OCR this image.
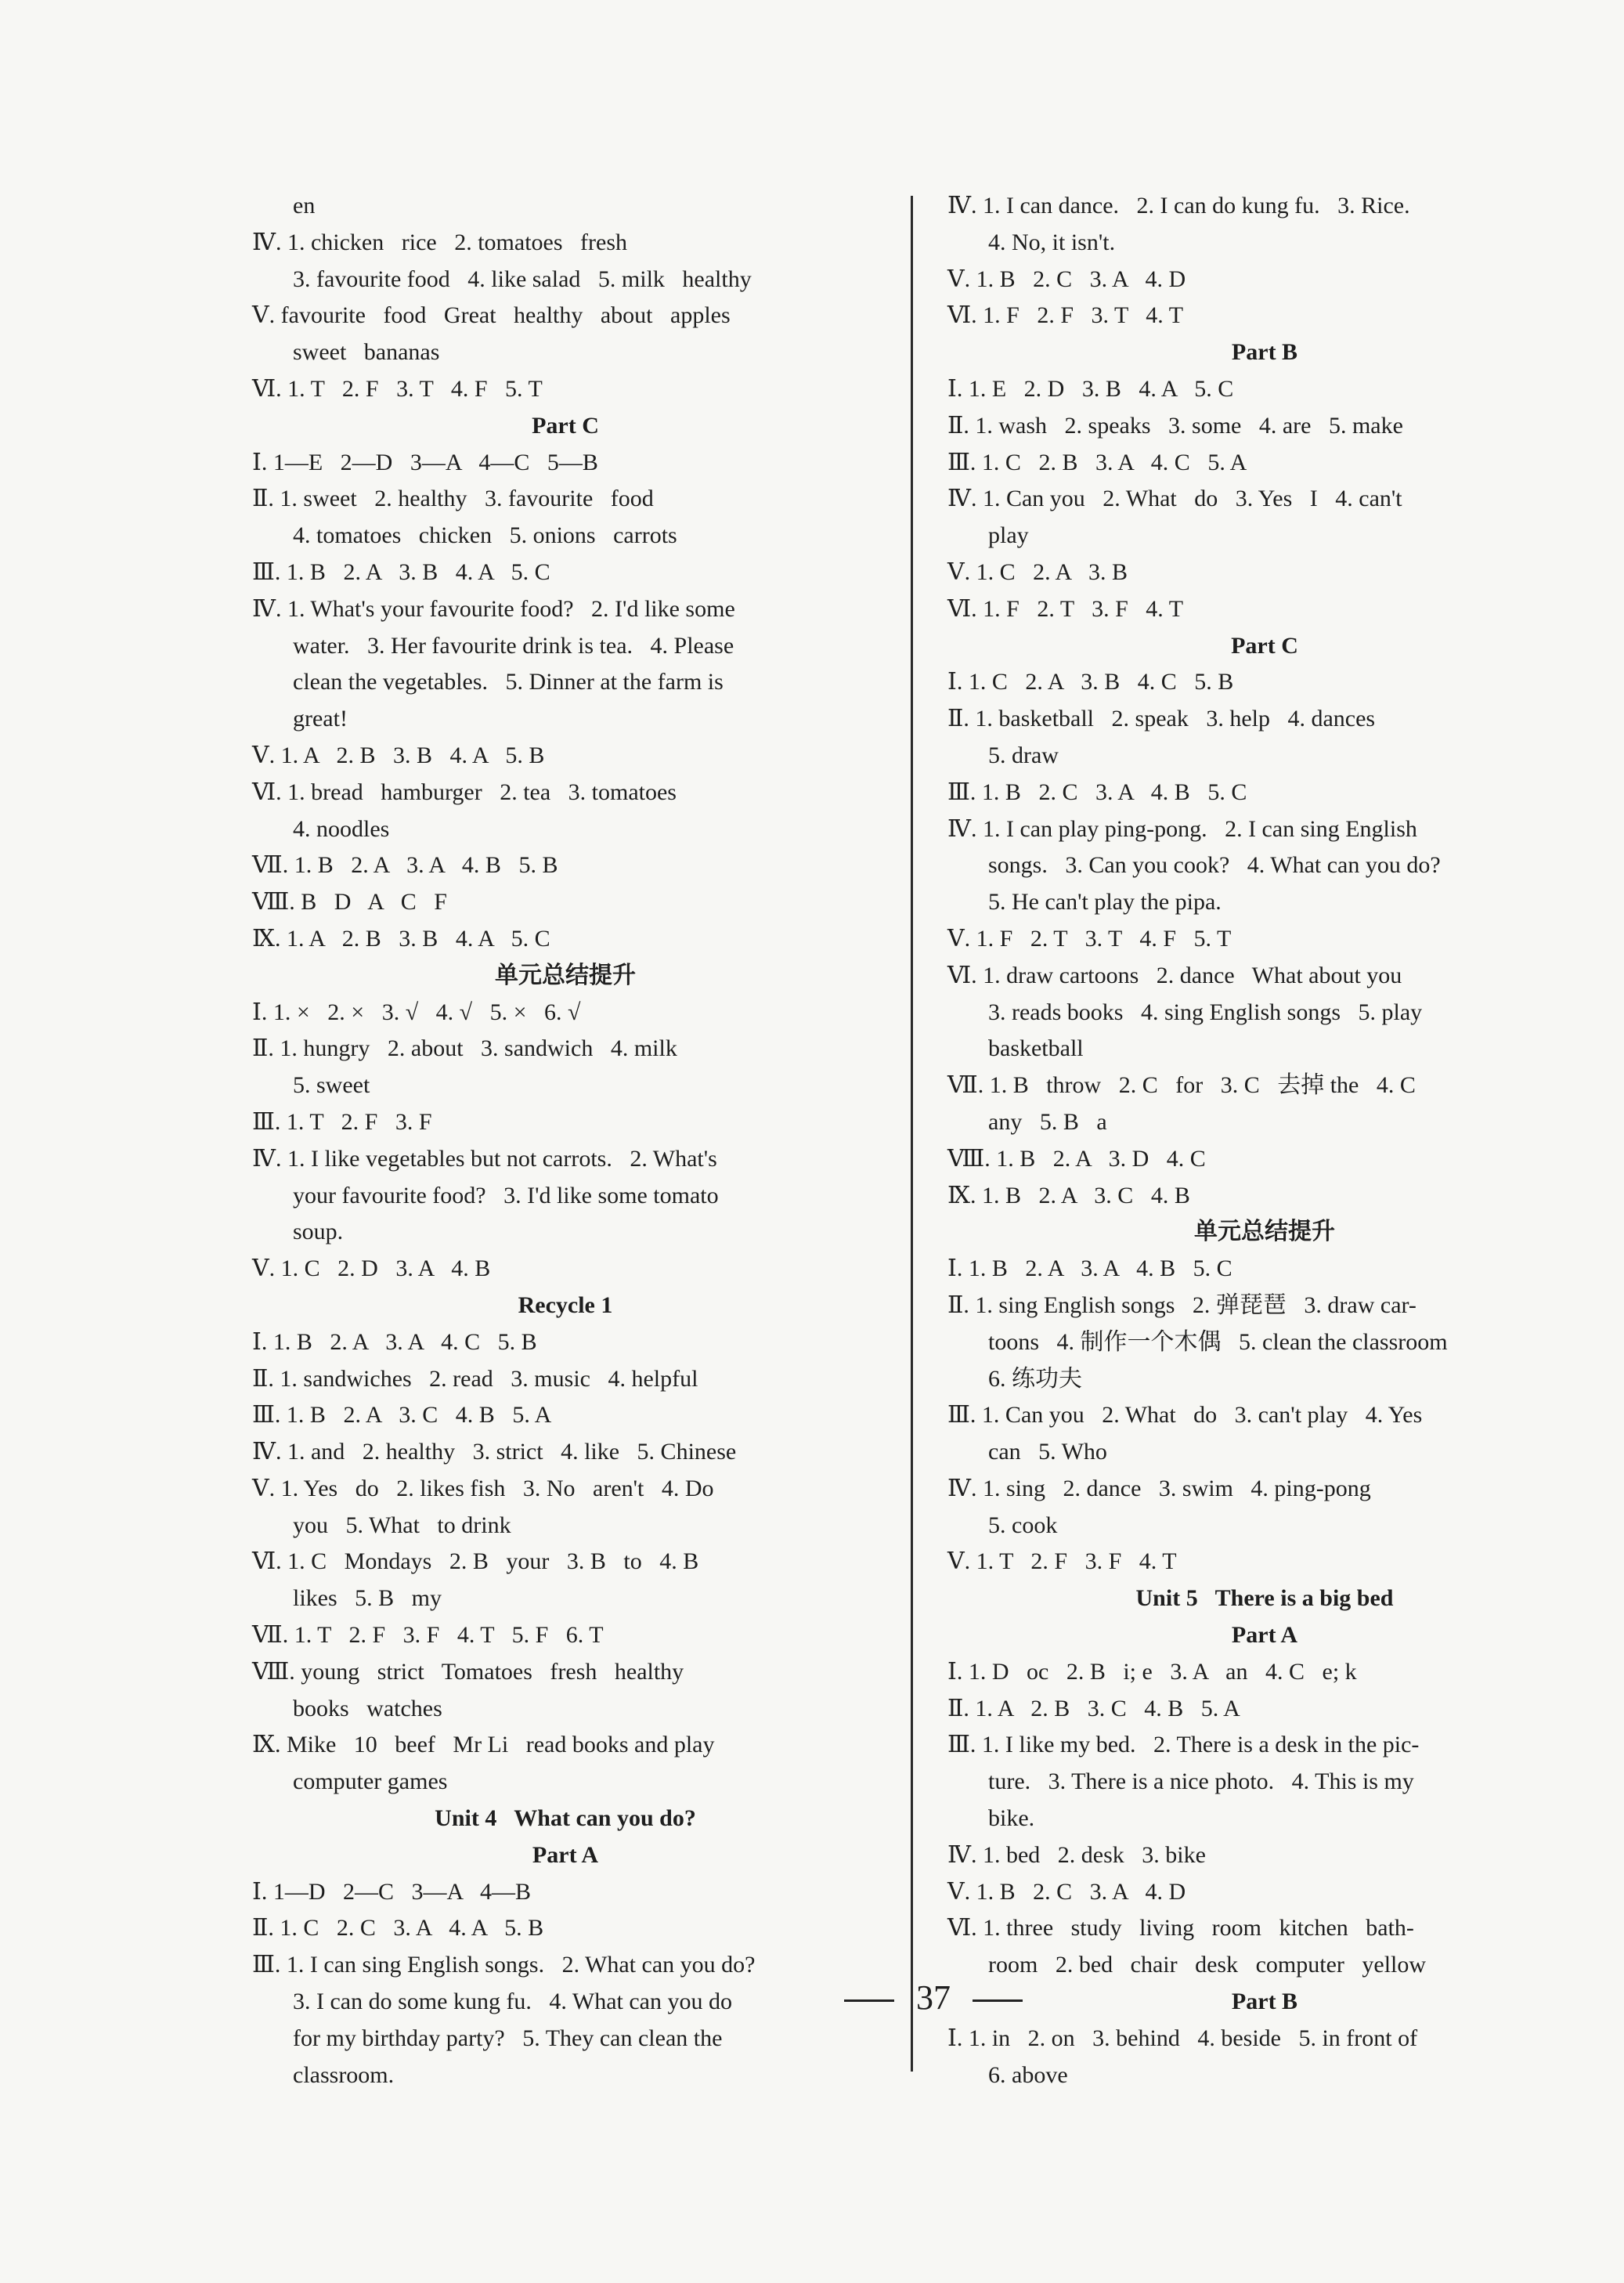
en
Ⅳ. 1. chicken   rice   2. tomatoes   fresh
3. favourite food   4. like salad   5. milk   healthy
Ⅴ. favourite   food   Great   healthy   about   apples
sweet   bananas
Ⅵ. 1. T   2. F   3. T   4. F   5. T
Part C
Ⅰ. 1—E   2—D   3—A   4—C   5—B
Ⅱ. 1. sweet   2. healthy   3. favourite   food
4. tomatoes   chicken   5. onions   carrots
Ⅲ. 1. B   2. A   3. B   4. A   5. C
Ⅳ. 1. What's your favourite food?   2. I'd like some
water.   3. Her favourite drink is tea.   4. Please
clean the vegetables.   5. Dinner at the farm is
great!
Ⅴ. 1. A   2. B   3. B   4. A   5. B
Ⅵ. 1. bread   hamburger   2. tea   3. tomatoes
4. noodles
Ⅶ. 1. B   2. A   3. A   4. B   5. B
Ⅷ. B   D   A   C   F
Ⅸ. 1. A   2. B   3. B   4. A   5. C
单元总结提升
Ⅰ. 1. ×   2. ×   3. √   4. √   5. ×   6. √
Ⅱ. 1. hungry   2. about   3. sandwich   4. milk
5. sweet
Ⅲ. 1. T   2. F   3. F
Ⅳ. 1. I like vegetables but not carrots.   2. What's
your favourite food?   3. I'd like some tomato
soup.
Ⅴ. 1. C   2. D   3. A   4. B
Recycle 1
Ⅰ. 1. B   2. A   3. A   4. C   5. B
Ⅱ. 1. sandwiches   2. read   3. music   4. helpful
Ⅲ. 1. B   2. A   3. C   4. B   5. A
Ⅳ. 1. and   2. healthy   3. strict   4. like   5. Chinese
Ⅴ. 1. Yes   do   2. likes fish   3. No   aren't   4. Do
you   5. What   to drink
Ⅵ. 1. C   Mondays   2. B   your   3. B   to   4. B
likes   5. B   my
Ⅶ. 1. T   2. F   3. F   4. T   5. F   6. T
Ⅷ. young   strict   Tomatoes   fresh   healthy
books   watches
Ⅸ. Mike   10   beef   Mr Li   read books and play
computer games
Unit 4   What can you do?
Part A
Ⅰ. 1—D   2—C   3—A   4—B
Ⅱ. 1. C   2. C   3. A   4. A   5. B
Ⅲ. 1. I can sing English songs.   2. What can you do?
3. I can do some kung fu.   4. What can you do
for my birthday party?   5. They can clean the
classroom.
Ⅳ. 1. I can dance.   2. I can do kung fu.   3. Rice.
4. No, it isn't.
Ⅴ. 1. B   2. C   3. A   4. D
Ⅵ. 1. F   2. F   3. T   4. T
Part B
Ⅰ. 1. E   2. D   3. B   4. A   5. C
Ⅱ. 1. wash   2. speaks   3. some   4. are   5. make
Ⅲ. 1. C   2. B   3. A   4. C   5. A
Ⅳ. 1. Can you   2. What   do   3. Yes   I   4. can't
play
Ⅴ. 1. C   2. A   3. B
Ⅵ. 1. F   2. T   3. F   4. T
Part C
Ⅰ. 1. C   2. A   3. B   4. C   5. B
Ⅱ. 1. basketball   2. speak   3. help   4. dances
5. draw
Ⅲ. 1. B   2. C   3. A   4. B   5. C
Ⅳ. 1. I can play ping-pong.   2. I can sing English
songs.   3. Can you cook?   4. What can you do?
5. He can't play the pipa.
Ⅴ. 1. F   2. T   3. T   4. F   5. T
Ⅵ. 1. draw cartoons   2. dance   What about you
3. reads books   4. sing English songs   5. play
basketball
Ⅶ. 1. B   throw   2. C   for   3. C   去掉 the   4. C
any   5. B   a
Ⅷ. 1. B   2. A   3. D   4. C
Ⅸ. 1. B   2. A   3. C   4. B
单元总结提升
Ⅰ. 1. B   2. A   3. A   4. B   5. C
Ⅱ. 1. sing English songs   2. 弹琵琶   3. draw car-
toons   4. 制作一个木偶   5. clean the classroom
6. 练功夫
Ⅲ. 1. Can you   2. What   do   3. can't play   4. Yes
can   5. Who
Ⅳ. 1. sing   2. dance   3. swim   4. ping-pong
5. cook
Ⅴ. 1. T   2. F   3. F   4. T
Unit 5   There is a big bed
Part A
Ⅰ. 1. D   oc   2. B   i; e   3. A   an   4. C   e; k
Ⅱ. 1. A   2. B   3. C   4. B   5. A
Ⅲ. 1. I like my bed.   2. There is a desk in the pic-
ture.   3. There is a nice photo.   4. This is my
bike.
Ⅳ. 1. bed   2. desk   3. bike
Ⅴ. 1. B   2. C   3. A   4. D
Ⅵ. 1. three   study   living   room   kitchen   bath-
room   2. bed   chair   desk   computer   yellow
Part B
Ⅰ. 1. in   2. on   3. behind   4. beside   5. in front of
6. above
37
